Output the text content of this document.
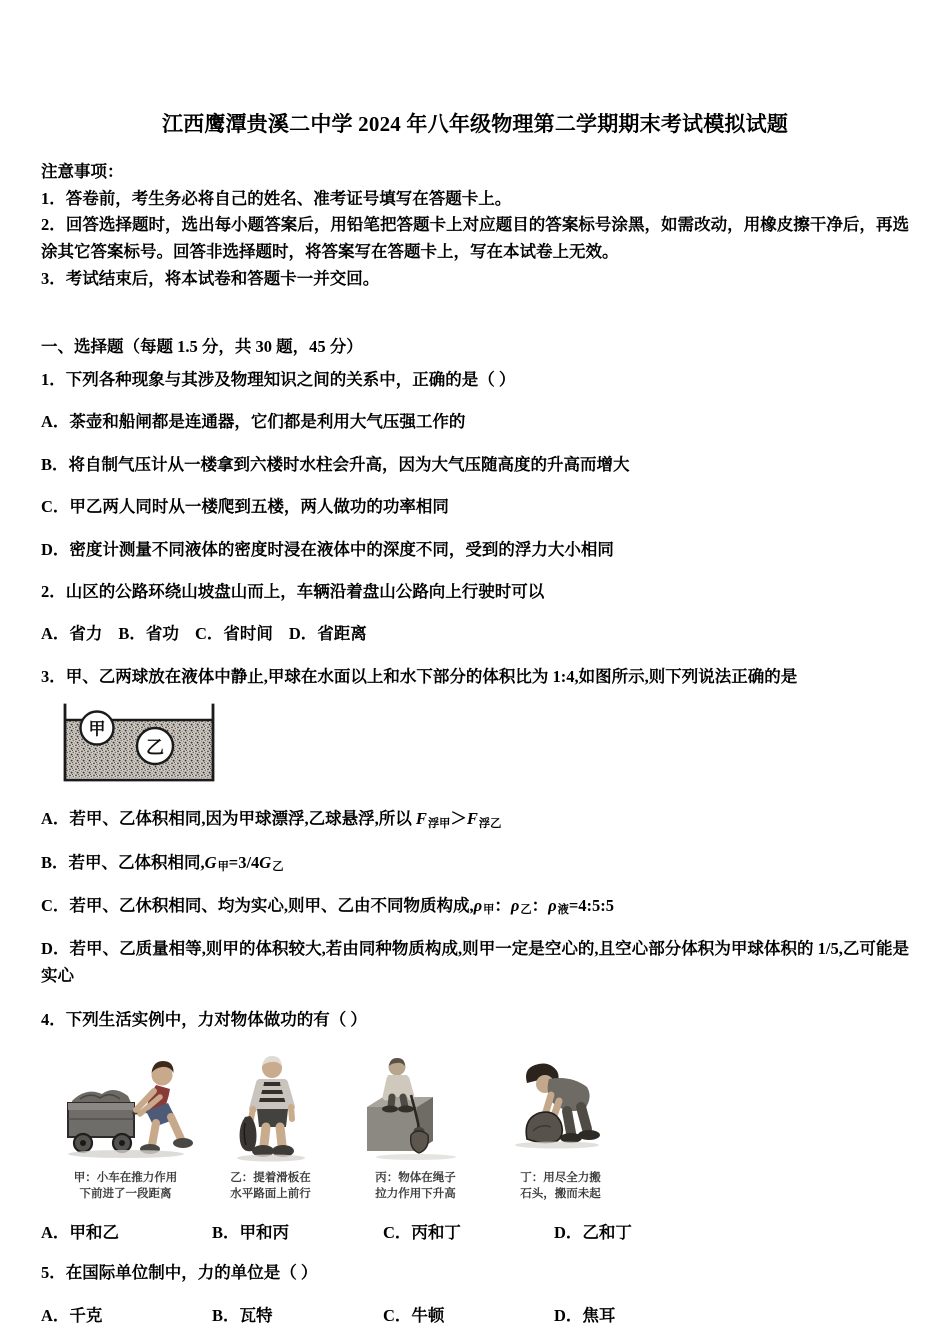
江西鹰潭贵溪二中学 2024 年八年级物理第二学期期末考试模拟试题
注意事项：
1．答卷前，考生务必将自己的姓名、准考证号填写在答题卡上。
2．回答选择题时，选出每小题答案后，用铅笔把答题卡上对应题目的答案标号涂黑，如需改动，用橡皮擦干净后，再选涂其它答案标号。回答非选择题时，将答案写在答题卡上，写在本试卷上无效。
3．考试结束后，将本试卷和答题卡一并交回。
一、选择题（每题 1.5 分，共 30 题，45 分）
1．下列各种现象与其涉及物理知识之间的关系中，正确的是（ ）
A．茶壶和船闸都是连通器，它们都是利用大气压强工作的
B．将自制气压计从一楼拿到六楼时水柱会升高，因为大气压随高度的升高而增大
C．甲乙两人同时从一楼爬到五楼，两人做功的功率相同
D．密度计测量不同液体的密度时浸在液体中的深度不同，受到的浮力大小相同
2．山区的公路环绕山坡盘山而上，车辆沿着盘山公路向上行驶时可以
A．省力 B．省功 C．省时间 D．省距离
3．甲、乙两球放在液体中静止,甲球在水面以上和水下部分的体积比为 1:4,如图所示,则下列说法正确的是
甲
乙
A．若甲、乙体积相同,因为甲球漂浮,乙球悬浮,所以 $F_{浮甲}>F_{浮乙}$
B．若甲、乙体积相同$,G_甲=3/4G_乙$
C．若甲、乙休积相同、均为实心,则甲、乙由不同物质构成$,\rho_甲$：$\rho_乙$：$\rho_液=4:5:5$
D．若甲、乙质量相等,则甲的体积较大,若由同种物质构成,则甲一定是空心的,且空心部分体积为甲球体积的 1/5,乙可能是实心
4．下列生活实例中，力对物体做功的有（ ）
甲：小车在推力作用
下前进了一段距离
乙：提着滑板在
水平路面上前行
丙：物体在绳子
拉力作用下升高
丁：用尽全力搬
石头，搬而未起
A．甲和乙	B．甲和丙	C．丙和丁	D．乙和丁
5．在国际单位制中，力的单位是（ ）
A．千克	B．瓦特	C．牛顿	D．焦耳
